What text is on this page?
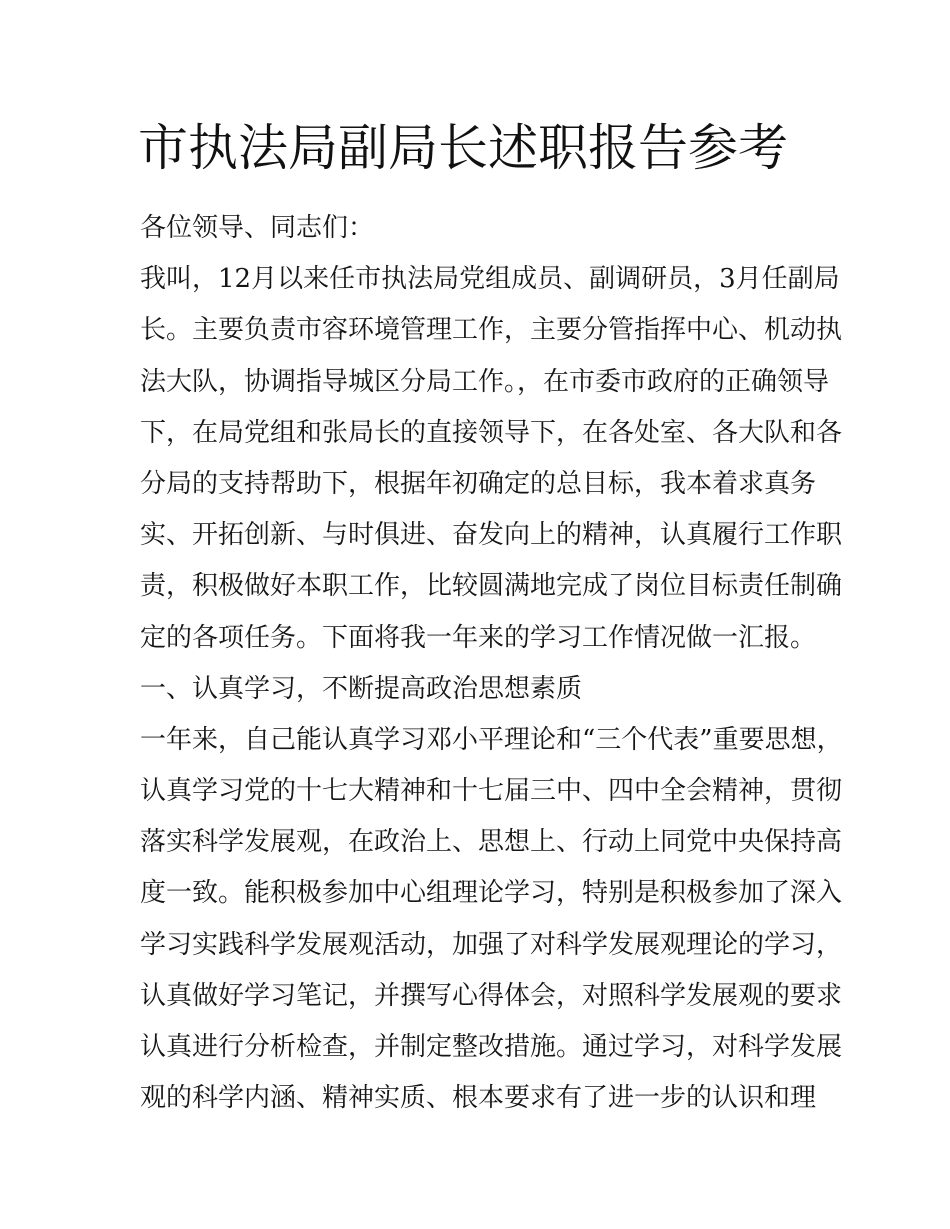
市执法局副局长述职报告参考
各位领导、同志们：
我叫，12月以来任市执法局党组成员、副调研员，3月任副局
长。主要负责市容环境管理工作，主要分管指挥中心、机动执
法大队，协调指导城区分局工作。，在市委市政府的正确领导
下，在局党组和张局长的直接领导下，在各处室、各大队和各
分局的支持帮助下，根据年初确定的总目标，我本着求真务
实、开拓创新、与时俱进、奋发向上的精神，认真履行工作职
责，积极做好本职工作，比较圆满地完成了岗位目标责任制确
定的各项任务。下面将我一年来的学习工作情况做一汇报。
一、认真学习，不断提高政治思想素质
一年来，自己能认真学习邓小平理论和“三个代表”重要思想，
认真学习党的十七大精神和十七届三中、四中全会精神，贯彻
落实科学发展观，在政治上、思想上、行动上同党中央保持高
度一致。能积极参加中心组理论学习，特别是积极参加了深入
学习实践科学发展观活动，加强了对科学发展观理论的学习，
认真做好学习笔记，并撰写心得体会，对照科学发展观的要求
认真进行分析检查，并制定整改措施。通过学习，对科学发展
观的科学内涵、精神实质、根本要求有了进一步的认识和理
